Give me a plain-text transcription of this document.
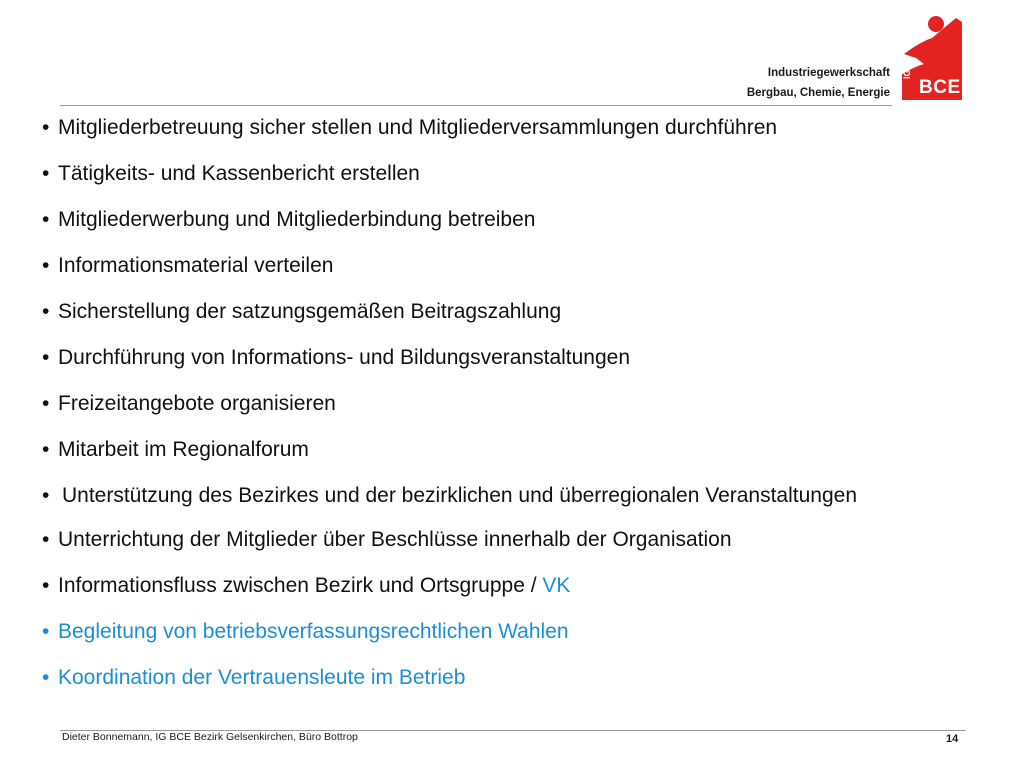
Industriegewerkschaft
Bergbau, Chemie, Energie
IG
BCE
• Mitgliederbetreuung sicher stellen und Mitgliederversammlungen durchführen
• Tätigkeits- und Kassenbericht erstellen
• Mitgliederwerbung und Mitgliederbindung betreiben
• Informationsmaterial verteilen
• Sicherstellung der satzungsgemäßen Beitragszahlung
• Durchführung von Informations- und Bildungsveranstaltungen
• Freizeitangebote organisieren
• Mitarbeit im Regionalforum
• Unterstützung des Bezirkes und der bezirklichen und überregionalen Veranstaltungen
• Unterrichtung der Mitglieder über Beschlüsse innerhalb der Organisation
• Informationsfluss zwischen Bezirk und Ortsgruppe / VK
• Begleitung von betriebsverfassungsrechtlichen Wahlen
• Koordination der Vertrauensleute im Betrieb
Dieter Bonnemann, IG BCE Bezirk Gelsenkirchen, Büro Bottrop	14
